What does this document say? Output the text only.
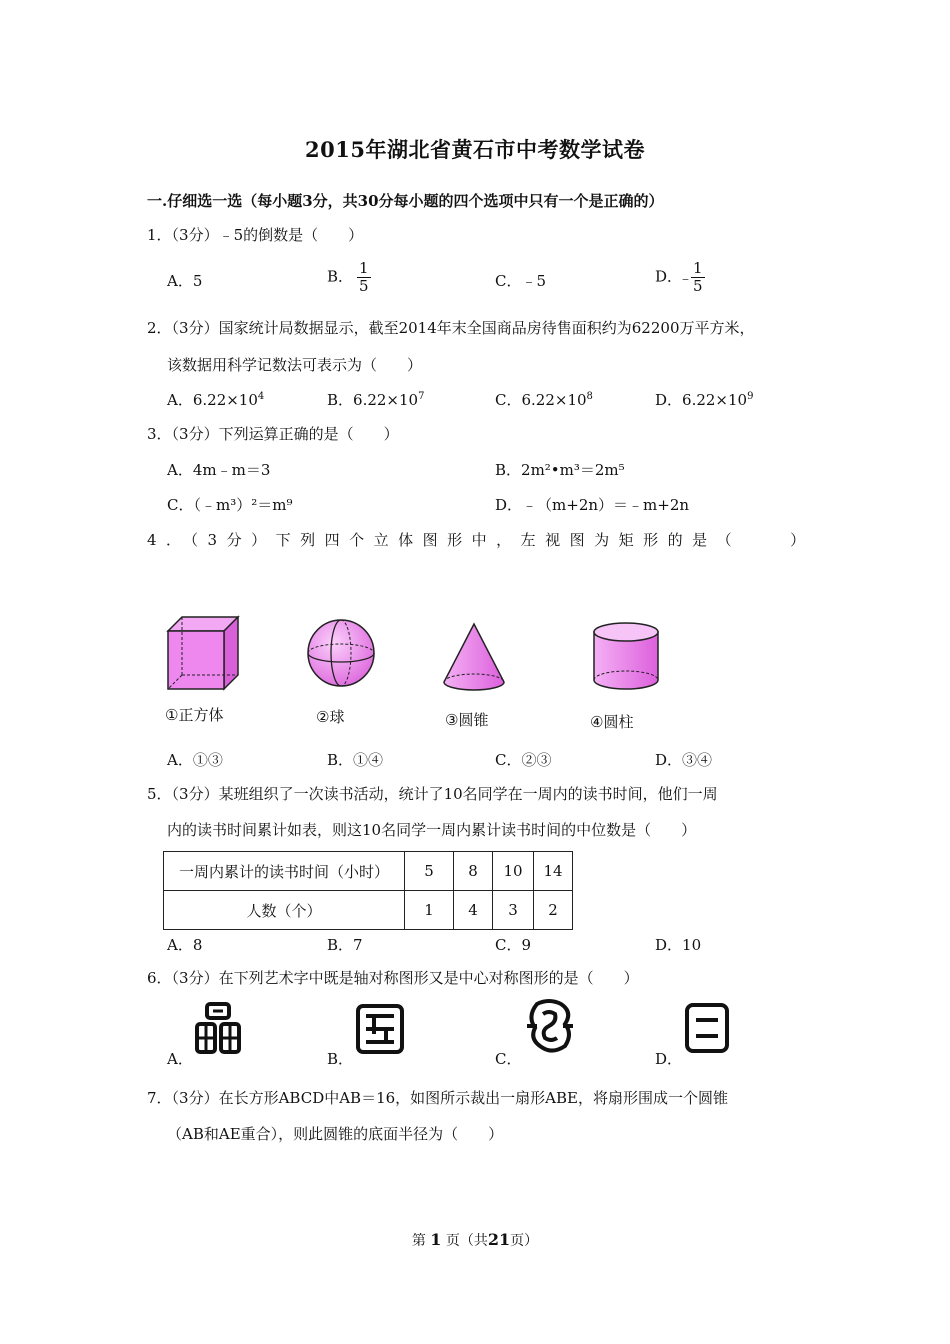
2015年湖北省黄石市中考数学试卷
一.仔细选一选（每小题3分，共30分每小题的四个选项中只有一个是正确的）
1．（3分）﹣5的倒数是（　　）
A．5	B． $\frac{1}{5}$	C．﹣5	D．﹣
$\frac{1}{5}$
2．（3分）国家统计局数据显示，截至2014年末全国商品房待售面积约为62200万平方米，
该数据用科学记数法可表示为（　　）
A．$6.22\times 10^4$	B．$6.22\times 10^7$	C．$6.22\times 10^8$	D．$6.22\times 10^9$
3．（3分）下列运算正确的是（　　）
A．4m﹣m＝3	B．2m²•m³＝2m⁵
C．（﹣m³）²＝m⁹	D．﹣（m+2n）＝﹣m+2n
4．（3分）下列四个立体图形中，左视图为矩形的是（　　）
①正方体	②球	③圆锥	④圆柱
A．①③	B．①④	C．②③	D．③④
5．（3分）某班组织了一次读书活动，统计了10名同学在一周内的读书时间，他们一周
内的读书时间累计如表，则这10名同学一周内累计读书时间的中位数是（　　）
一周内累计的读书时间（小时）	5	8	10	14
人数（个）	1	4	3	2
A．8	B．7	C．9	D．10
6．（3分）在下列艺术字中既是轴对称图形又是中心对称图形的是（　　）
A．	B．	C．	D．
7．（3分）在长方形ABCD中AB＝16，如图所示裁出一扇形ABE，将扇形围成一个圆锥
（AB和AE重合），则此圆锥的底面半径为（　　）
第 1 页（共21页）
